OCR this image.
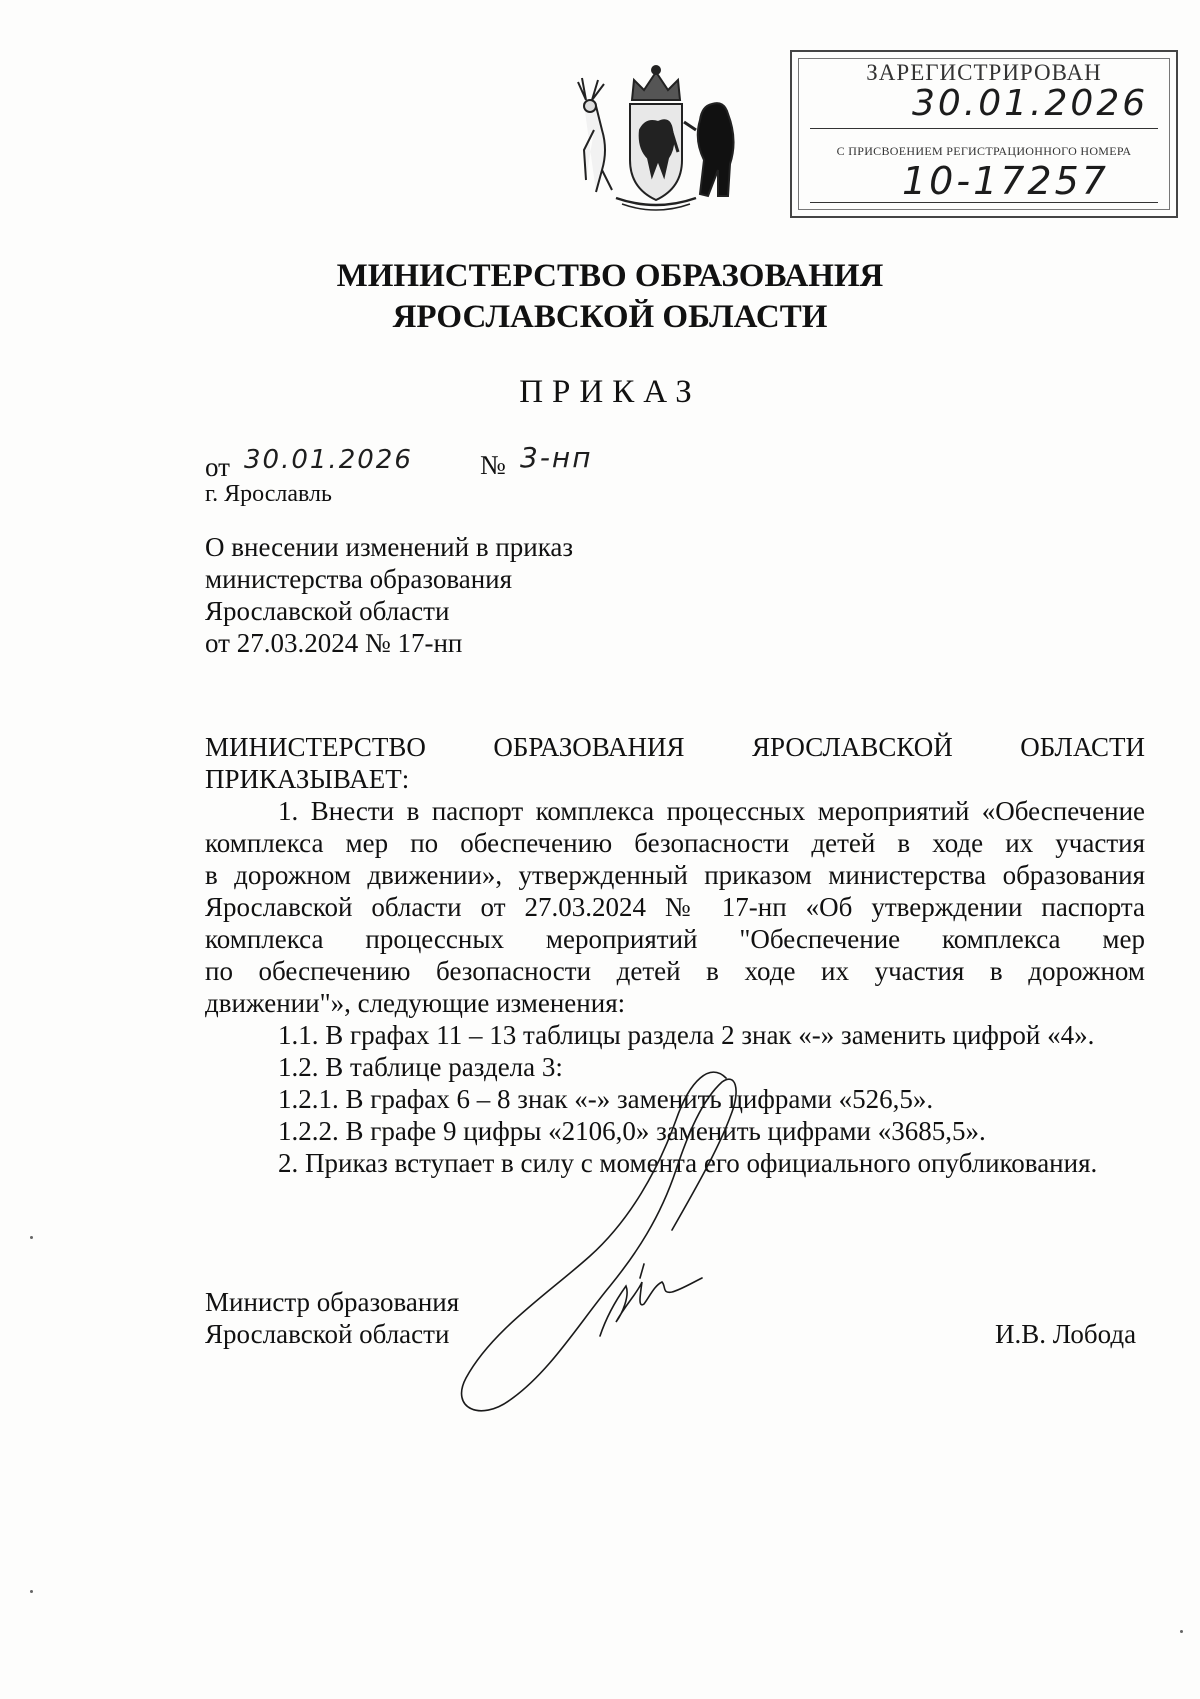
ЗАРЕГИСТРИРОВАН
30.01.2026
С ПРИСВОЕНИЕМ РЕГИСТРАЦИОННОГО НОМЕРА
10-17257
МИНИСТЕРСТВО ОБРАЗОВАНИЯ
ЯРОСЛАВСКОЙ ОБЛАСТИ
ПРИКАЗ
от 30.01.2026 № 3-нп
г. Ярославль
О внесении изменений в приказ
министерства образования
Ярославской области
от 27.03.2024 № 17-нп

МИНИСТЕРСТВО ОБРАЗОВАНИЯ ЯРОСЛАВСКОЙ ОБЛАСТИ

ПРИКАЗЫВАЕТ:

1. Внести в паспорт комплекса процессных мероприятий «Обеспечение

комплекса мер по обеспечению безопасности детей в ходе их участия

в дорожном движении», утвержденный приказом министерства образования

Ярославской области от 27.03.2024 № 17-нп «Об утверждении паспорта

комплекса процессных мероприятий "Обеспечение комплекса мер

по обеспечению безопасности детей в ходе их участия в дорожном

движении"», следующие изменения:

1.1. В графах 11 – 13 таблицы раздела 2 знак «-» заменить цифрой «4».

1.2. В таблице раздела 3:

1.2.1. В графах 6 – 8 знак «-» заменить цифрами «526,5».

1.2.2. В графе 9 цифры «2106,0» заменить цифрами «3685,5».

2. Приказ вступает в силу с момента его официального опубликования.

Министр образования
Ярославской области	И.В. Лобода
